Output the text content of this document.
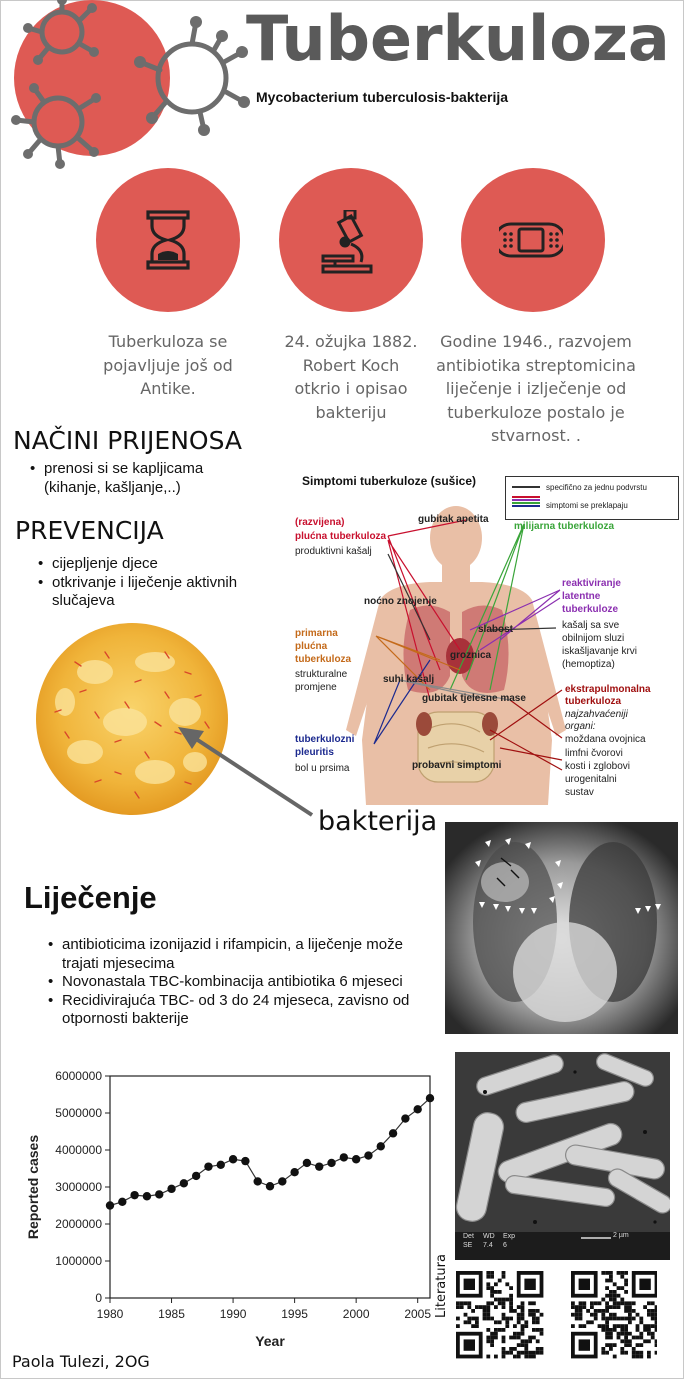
Tuberkuloza
Mycobacterium tuberculosis-bakterija
Tuberkuloza se
pojavljuje još od
Antike.
24. ožujka 1882.
Robert Koch
otkrio i opisao
bakteriju
Godine 1946., razvojem
antibiotika streptomicina
liječenje i izlječenje od
tuberkuloze postalo je
stvarnost. .
NAČINI PRIJENOSA
• prenosi si se kapljicama (kihanje, kašljanje,..)
PREVENCIJA
• cijepljenje djece
• otkrivanje i liječenje aktivnih slučajeva
bakterija
Simptomi tuberkuloze (sušice)	specifično za jednu podvrstu
simptomi se preklapaju
(razvijena)
plućna tuberkuloza
produktivni kašalj
gubitak apetita
milijarna tuberkuloza
reaktiviranje
latentne
tuberkuloze
kašalj sa sve
obilnijom sluzi
iskašljavanje krvi
(hemoptiza)
noćno znojenje
slabost
groznica
primarna
plućna
tuberkuloza
strukturalne
promjene
suhi kašalj
gubitak tjelesne mase
ekstrapulmonalna
tuberkuloza
najzahvaćeniji
organi:
moždana ovojnica
limfni čvorovi
kosti i zglobovi
urogenitalni
sustav
tuberkulozni
pleuritis
bol u prsima	probavni simptomi
Liječenje
• antibioticima izonijazid i rifampicin, a liječenje može trajati mjesecima
• Novonastala TBC-kombinacija antibiotika 6 mjeseci
• Recidivirajuća TBC- od 3 do 24 mjeseca, zavisno od otpornosti bakterije
0
1000000
2000000
3000000
4000000
5000000
6000000
1980	1985	1990	1995	2000	2005
Year
Reported cases	Det
SE
WD
7.4
Exp
6
2 µm
Literatura
Paola Tulezi, 2OG
